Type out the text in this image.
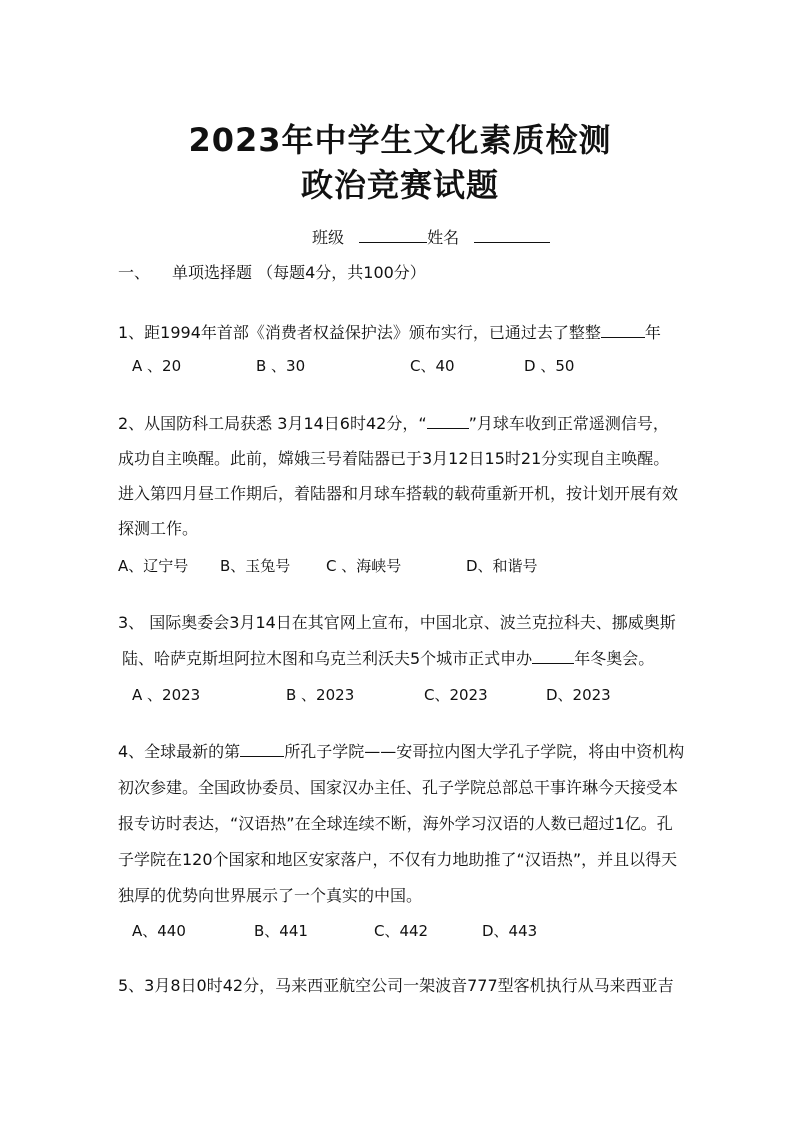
2023年中学生文化素质检测
政治竞赛试题
班级	姓名
一、 单项选择题 （每题4分，共100分）
1、距1994年首部《消费者权益保护法》颁布实行，已通过去了整整	年
A 、20	B 、30	C、40	D 、50
2、从国防科工局获悉 3月14日6时42分，“	”月球车收到正常遥测信号，
成功自主唤醒。此前，嫦娥三号着陆器已于3月12日15时21分实现自主唤醒。
进入第四月昼工作期后，着陆器和月球车搭载的载荷重新开机，按计划开展有效
探测工作。
A、辽宁号 B、玉兔号 C 、海峡号	D、和谐号
3、 国际奥委会3月14日在其官网上宣布，中国北京、波兰克拉科夫、挪威奥斯
陆、哈萨克斯坦阿拉木图和乌克兰利沃夫5个城市正式申办	年冬奥会。
A 、2023	B 、2023	C、2023	D、2023
4、全球最新的第	所孔子学院——安哥拉内图大学孔子学院，将由中资机构
初次参建。全国政协委员、国家汉办主任、孔子学院总部总干事许琳今天接受本
报专访时表达，“汉语热”在全球连续不断，海外学习汉语的人数已超过1亿。孔
子学院在120个国家和地区安家落户，不仅有力地助推了“汉语热”，并且以得天
独厚的优势向世界展示了一个真实的中国。
A、440	B、441	C、442	D、443
5、3月8日0时42分，马来西亚航空公司一架波音777型客机执行从马来西亚吉
